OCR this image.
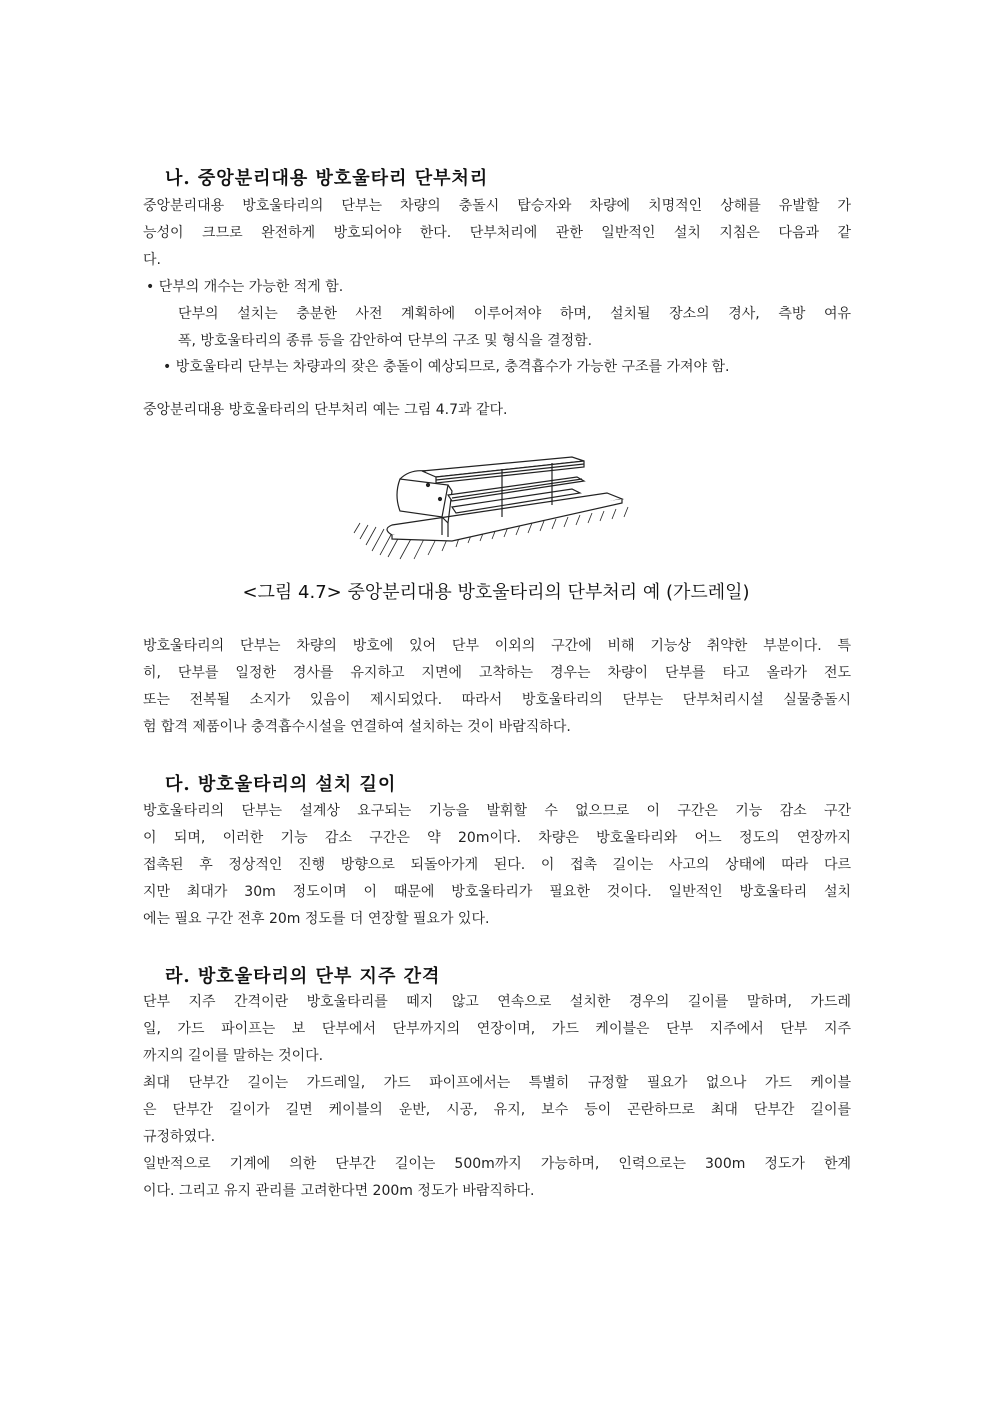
나. 중앙분리대용 방호울타리 단부처리
중앙분리대용 방호울타리의 단부는 차량의 충돌시 탑승자와 차량에 치명적인 상해를 유발할 가
능성이 크므로 완전하게 방호되어야 한다. 단부처리에 관한 일반적인 설치 지침은 다음과 같
다.
• 단부의 개수는 가능한 적게 함.
단부의 설치는 충분한 사전 계획하에 이루어져야 하며, 설치될 장소의 경사, 측방 여유
폭, 방호울타리의 종류 등을 감안하여 단부의 구조 및 형식을 결정함.
• 방호울타리 단부는 차량과의 잦은 충돌이 예상되므로, 충격흡수가 가능한 구조를 가져야 함.
중앙분리대용 방호울타리의 단부처리 예는 그림 4.7과 같다.
<그림 4.7> 중앙분리대용 방호울타리의 단부처리 예 (가드레일)
방호울타리의 단부는 차량의 방호에 있어 단부 이외의 구간에 비해 기능상 취약한 부분이다. 특
히, 단부를 일정한 경사를 유지하고 지면에 고착하는 경우는 차량이 단부를 타고 올라가 전도
또는 전복될 소지가 있음이 제시되었다. 따라서 방호울타리의 단부는 단부처리시설 실물충돌시
험 합격 제품이나 충격흡수시설을 연결하여 설치하는 것이 바람직하다.
다. 방호울타리의 설치 길이
방호울타리의 단부는 설계상 요구되는 기능을 발휘할 수 없으므로 이 구간은 기능 감소 구간
이 되며, 이러한 기능 감소 구간은 약 20m이다. 차량은 방호울타리와 어느 정도의 연장까지
접촉된 후 정상적인 진행 방향으로 되돌아가게 된다. 이 접촉 길이는 사고의 상태에 따라 다르
지만 최대가 30m 정도이며 이 때문에 방호울타리가 필요한 것이다. 일반적인 방호울타리 설치
에는 필요 구간 전후 20m 정도를 더 연장할 필요가 있다.
라. 방호울타리의 단부 지주 간격
단부 지주 간격이란 방호울타리를 떼지 않고 연속으로 설치한 경우의 길이를 말하며, 가드레
일, 가드 파이프는 보 단부에서 단부까지의 연장이며, 가드 케이블은 단부 지주에서 단부 지주
까지의 길이를 말하는 것이다.
최대 단부간 길이는 가드레일, 가드 파이프에서는 특별히 규정할 필요가 없으나 가드 케이블
은 단부간 길이가 길면 케이블의 운반, 시공, 유지, 보수 등이 곤란하므로 최대 단부간 길이를
규정하였다.
일반적으로 기계에 의한 단부간 길이는 500m까지 가능하며, 인력으로는 300m 정도가 한계
이다. 그리고 유지 관리를 고려한다면 200m 정도가 바람직하다.
